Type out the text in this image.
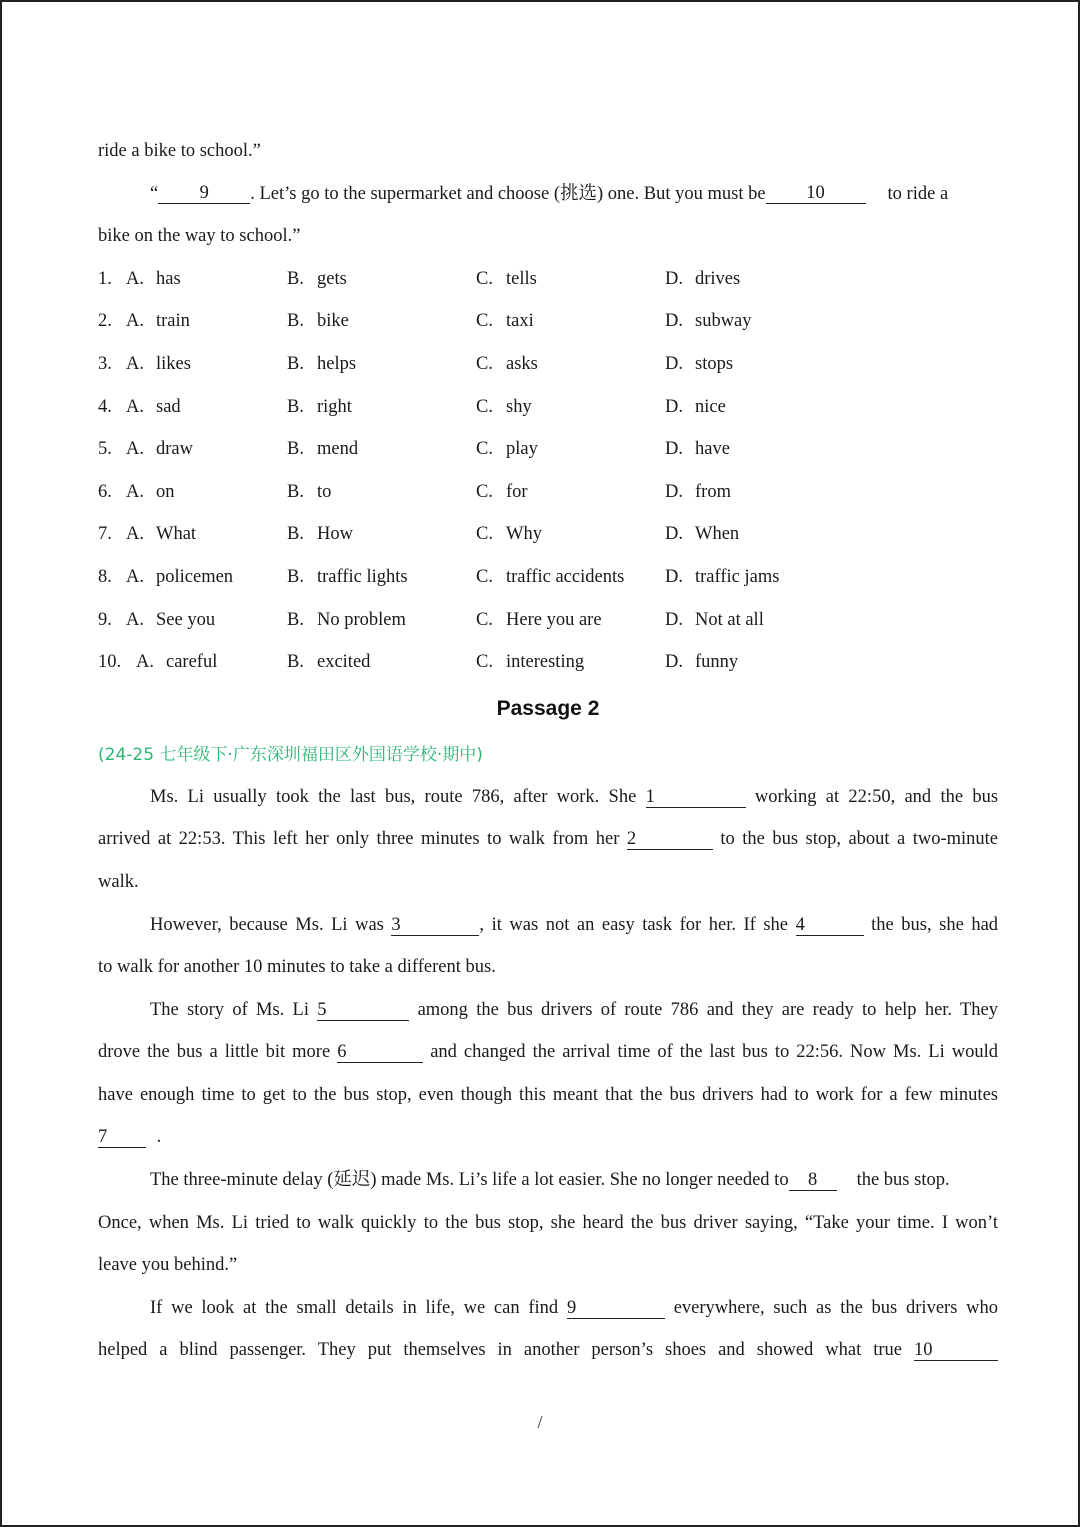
ride a bike to school.”
“	9	. Let’s go to the supermarket and choose (挑选) one. But you must be	10	to ride a
bike on the way to school.”
1. A. has	B. gets	C. tells	D. drives
2. A. train	B. bike	C. taxi	D. subway
3. A. likes	B. helps	C. asks	D. stops
4. A. sad	B. right	C. shy	D. nice
5. A. draw	B. mend	C. play	D. have
6. A. on	B. to	C. for	D. from
7. A. What	B. How	C. Why	D. When
8. A. policemen	B. traffic lights	C. traffic accidents D. traffic jams
9. A. See you	B. No problem	C. Here you are	D. Not at all
10. A. careful	B. excited	C. interesting	D. funny
Passage 2
(24-25 七年级下·广东深圳福田区外国语学校·期中)
Ms. Li usually took the last bus, route 786, after work. She 1	working at 22:50, and the bus
arrived at 22:53. This left her only three minutes to walk from her 2	to the bus stop, about a two-minute
walk.
However, because Ms. Li was 3	, it was not an easy task for her. If she 4	the bus, she had
to walk for another 10 minutes to take a different bus.
The story of Ms. Li 5	among the bus drivers of route 786 and they are ready to help her. They
drove the bus a little bit more 6	and changed the arrival time of the last bus to 22:56. Now Ms. Li would
have enough time to get to the bus stop, even though this meant that the bus drivers had to work for a few minutes
7	.
The three-minute delay (延迟) made Ms. Li’s life a lot easier. She no longer needed to	8	the bus stop.
Once, when Ms. Li tried to walk quickly to the bus stop, she heard the bus driver saying, “Take your time. I won’t
leave you behind.”
If we look at the small details in life, we can find 9	everywhere, such as the bus drivers who
helped a blind passenger. They put themselves in another person’s shoes and showed what true 10
/
